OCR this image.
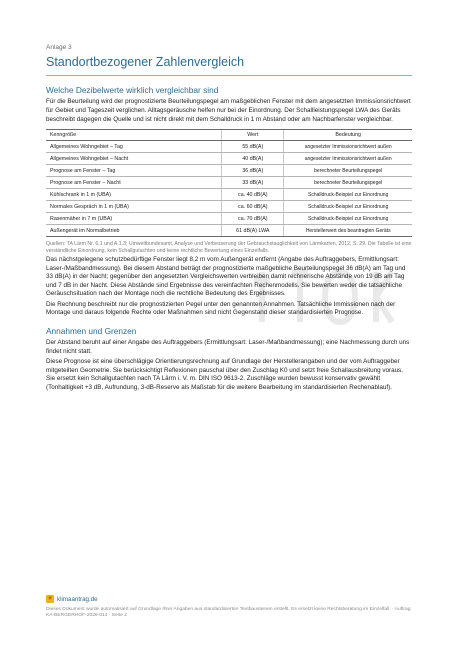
Anlage 3
Standortbezogener Zahlenvergleich
Welche Dezibelwerte wirklich vergleichbar sind

Für die Beurteilung wird der prognostizierte Beurteilungspegel am maßgeblichen Fenster mit dem angesetzten Immissionsrichtwert für Gebiet und Tageszeit verglichen. Alltagsgeräusche helfen nur bei der Einordnung. Der Schallleistungspegel LWA des Geräts beschreibt dagegen die Quelle und ist nicht direkt mit dem Schalldruck in 1 m Abstand oder am Nachbarfenster vergleichbar.

Kenngröße	Wert	Bedeutung
Allgemeines Wohngebiet – Tag	55 dB(A)	angesetzter Immissionsrichtwert außen
Allgemeines Wohngebiet – Nacht	40 dB(A)	angesetzter Immissionsrichtwert außen
Prognose am Fenster – Tag	36 dB(A)	berechneter Beurteilungspegel
Prognose am Fenster – Nacht	33 dB(A)	berechneter Beurteilungspegel
Kühlschrank in 1 m (UBA)	ca. 40 dB(A)	Schalldruck-Beispiel zur Einordnung
Normales Gespräch in 1 m (UBA)	ca. 60 dB(A)	Schalldruck-Beispiel zur Einordnung
Rasenmäher in 7 m (UBA)	ca. 70 dB(A)	Schalldruck-Beispiel zur Einordnung
Außengerät im Normalbetrieb	61 dB(A) LWA	Herstellerwert des beantragten Geräts

Quellen: TA Lärm Nr. 6.1 und A.1.3; Umweltbundesamt, Analyse und Verbesserung der Gebrauchstauglichkeit von Lärmkarten, 2012, S. 29. Die Tabelle ist eine verständliche Einordnung, kein Schallgutachten und keine rechtliche Bewertung eines Einzelfalls.

Das nächstgelegene schutzbedürftige Fenster liegt 8,2 m vom Außengerät entfernt (Angabe des Auftraggebers, Ermittlungsart: Laser-/Maßbandmessung). Bei diesem Abstand beträgt der prognostizierte maßgebliche Beurteilungspegel 36 dB(A) am Tag und 33 dB(A) in der Nacht; gegenüber den angesetzten Vergleichswerten verbleiben damit rechnerische Abstände von 19 dB am Tag und 7 dB in der Nacht. Diese Abstände sind Ergebnisse des vereinfachten Rechenmodells. Sie bewerten weder die tatsächliche Geräuschsituation nach der Montage noch die rechtliche Bedeutung des Ergebnisses.

Die Rechnung beschreibt nur die prognostizierten Pegel unter den genannten Annahmen. Tatsächliche Immissionen nach der Montage und daraus folgende Rechte oder Maßnahmen sind nicht Gegenstand dieser standardisierten Prognose.

Annahmen und Grenzen

Der Abstand beruht auf einer Angabe des Auftraggebers (Ermittlungsart: Laser-/Maßbandmessung); eine Nachmessung durch uns findet nicht statt.

Diese Prognose ist eine überschlägige Orientierungsrechnung auf Grundlage der Herstellerangaben und der vom Auftraggeber mitgeteilten Geometrie. Sie berücksichtigt Reflexionen pauschal über den Zuschlag K0 und setzt freie Schallausbreitung voraus. Sie ersetzt kein Schallgutachten nach TA Lärm i. V. m. DIN ISO 9613-2. Zuschläge wurden bewusst konservativ gewählt (Tonhaltigkeit +3 dB, Aufrundung, 3-dB-Reserve als Maßstab für die weitere Bearbeitung im standardisierten Rechenablauf).

☀ klimaantrag.de

Dieses Dokument wurde automatisiert auf Grundlage Ihrer Angaben aus standardisierten Textbausteinen erstellt. Es ersetzt keine Rechtsberatung im Einzelfall. · Auftrag KA-BERGERHOF-2026-014 · Seite 2
